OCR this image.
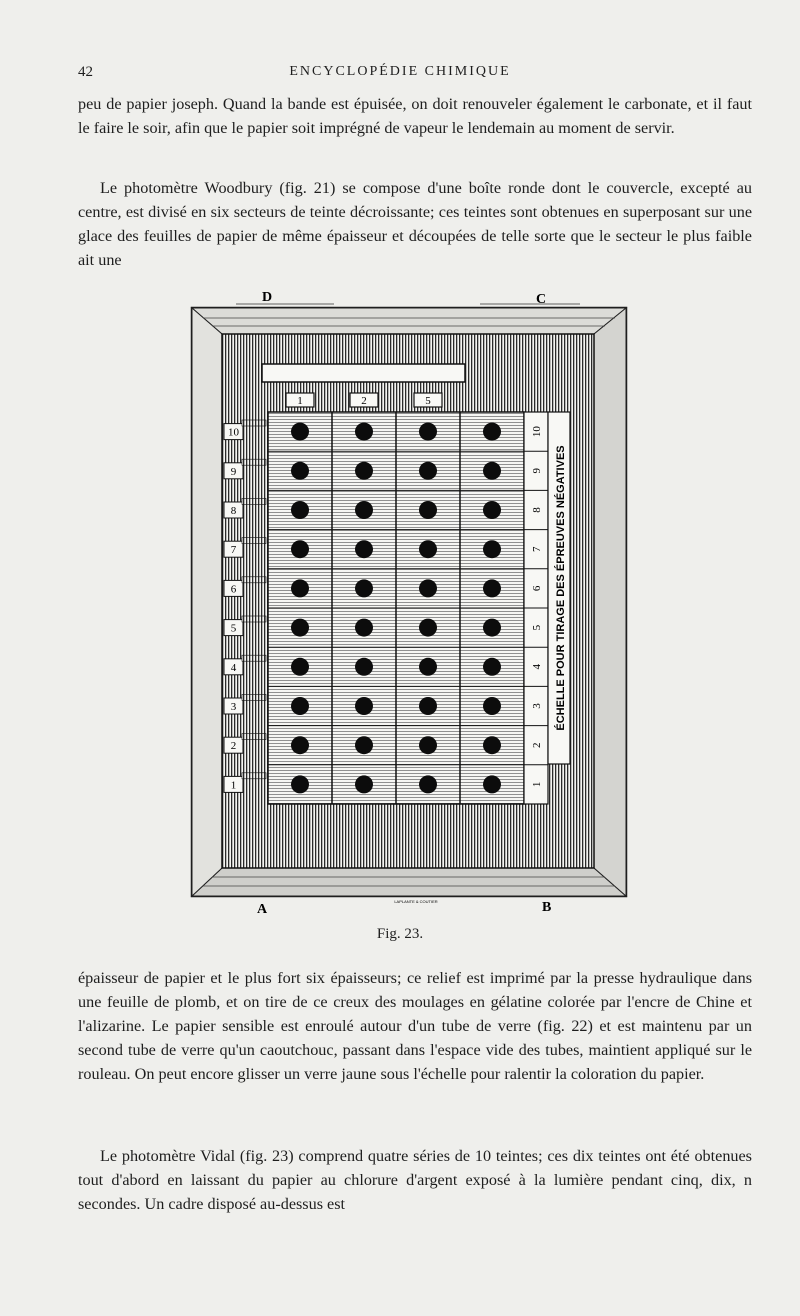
42	ENCYCLOPÉDIE CHIMIQUE

peu de papier joseph. Quand la bande est épuisée, on doit renouveler également le carbonate, et il faut le faire le soir, afin que le papier soit imprégné de vapeur le lendemain au moment de servir.

Le photomètre Woodbury (fig. 21) se compose d'une boîte ronde dont le couvercle, excepté au centre, est divisé en six secteurs de teinte décroissante; ces teintes sont obtenues en superposant sur une glace des feuilles de papier de même épaisseur et découpées de telle sorte que le secteur le plus faible ait une

10
9
8
7
6
5
4
3
2
1
ÉCHELLE POUR TIRAGE DES ÉPREUVES NÉGATIVES
10
9
8
7
6
5
4
3
2
1
1	2	5
D	C
A	B
LAPLANTE & COUTIER
Fig. 23.

épaisseur de papier et le plus fort six épaisseurs; ce relief est imprimé par la presse hydraulique dans une feuille de plomb, et on tire de ce creux des moulages en gélatine colorée par l'encre de Chine et l'alizarine. Le papier sensible est enroulé autour d'un tube de verre (fig. 22) et est maintenu par un second tube de verre qu'un caoutchouc, passant dans l'espace vide des tubes, maintient appliqué sur le rouleau. On peut encore glisser un verre jaune sous l'échelle pour ralentir la coloration du papier.

Le photomètre Vidal (fig. 23) comprend quatre séries de 10 teintes; ces dix teintes ont été obtenues tout d'abord en laissant du papier au chlorure d'argent exposé à la lumière pendant cinq, dix, n secondes. Un cadre disposé au-dessus est
